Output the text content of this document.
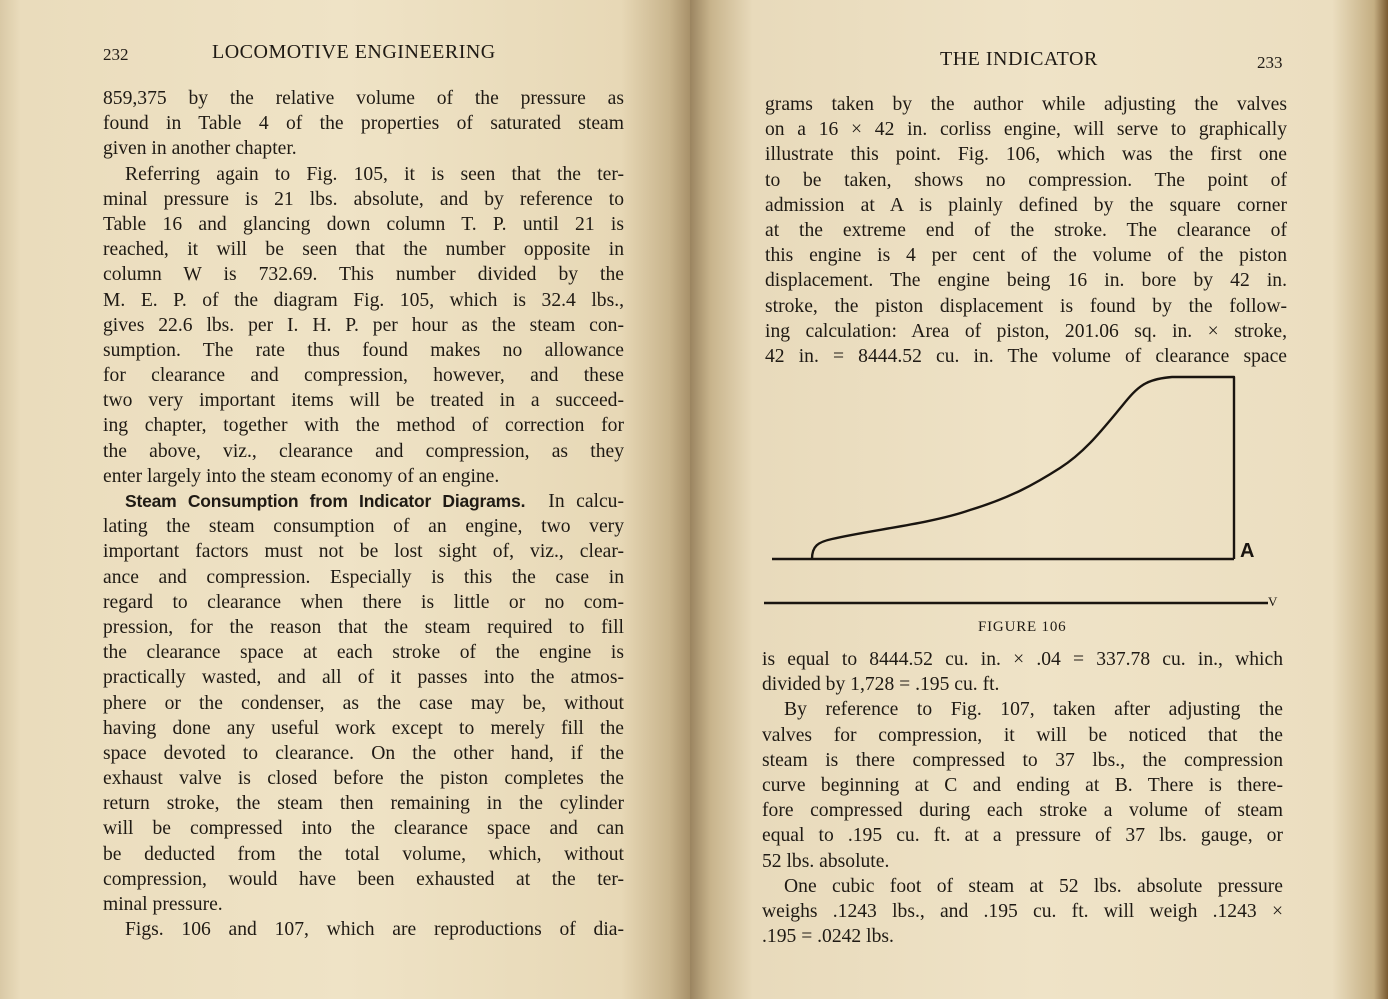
232	LOCOMOTIVE ENGINEERING
859,375 by the relative volume of the pressure as
found in Table 4 of the properties of saturated steam
given in another chapter.
Referring again to Fig. 105, it is seen that the ter-
minal pressure is 21 lbs. absolute, and by reference to
Table 16 and glancing down column T. P. until 21 is
reached, it will be seen that the number opposite in
column W is 732.69. This number divided by the
M. E. P. of the diagram Fig. 105, which is 32.4 lbs.,
gives 22.6 lbs. per I. H. P. per hour as the steam con-
sumption. The rate thus found makes no allowance
for clearance and compression, however, and these
two very important items will be treated in a succeed-
ing chapter, together with the method of correction for
the above, viz., clearance and compression, as they
enter largely into the steam economy of an engine.
Steam Consumption from Indicator Diagrams. In calcu-
lating the steam consumption of an engine, two very
important factors must not be lost sight of, viz., clear-
ance and compression. Especially is this the case in
regard to clearance when there is little or no com-
pression, for the reason that the steam required to fill
the clearance space at each stroke of the engine is
practically wasted, and all of it passes into the atmos-
phere or the condenser, as the case may be, without
having done any useful work except to merely fill the
space devoted to clearance. On the other hand, if the
exhaust valve is closed before the piston completes the
return stroke, the steam then remaining in the cylinder
will be compressed into the clearance space and can
be deducted from the total volume, which, without
compression, would have been exhausted at the ter-
minal pressure.
Figs. 106 and 107, which are reproductions of dia-
THE INDICATOR	233
grams taken by the author while adjusting the valves
on a 16 × 42 in. corliss engine, will serve to graphically
illustrate this point. Fig. 106, which was the first one
to be taken, shows no compression. The point of
admission at A is plainly defined by the square corner
at the extreme end of the stroke. The clearance of
this engine is 4 per cent of the volume of the piston
displacement. The engine being 16 in. bore by 42 in.
stroke, the piston displacement is found by the follow-
ing calculation: Area of piston, 201.06 sq. in. × stroke,
42 in. = 8444.52 cu. in. The volume of clearance space
A
V
FIGURE 106
is equal to 8444.52 cu. in. × .04 = 337.78 cu. in., which
divided by 1,728 = .195 cu. ft.
By reference to Fig. 107, taken after adjusting the
valves for compression, it will be noticed that the
steam is there compressed to 37 lbs., the compression
curve beginning at C and ending at B. There is there-
fore compressed during each stroke a volume of steam
equal to .195 cu. ft. at a pressure of 37 lbs. gauge, or
52 lbs. absolute.
One cubic foot of steam at 52 lbs. absolute pressure
weighs .1243 lbs., and .195 cu. ft. will weigh .1243 ×
.195 = .0242 lbs.
